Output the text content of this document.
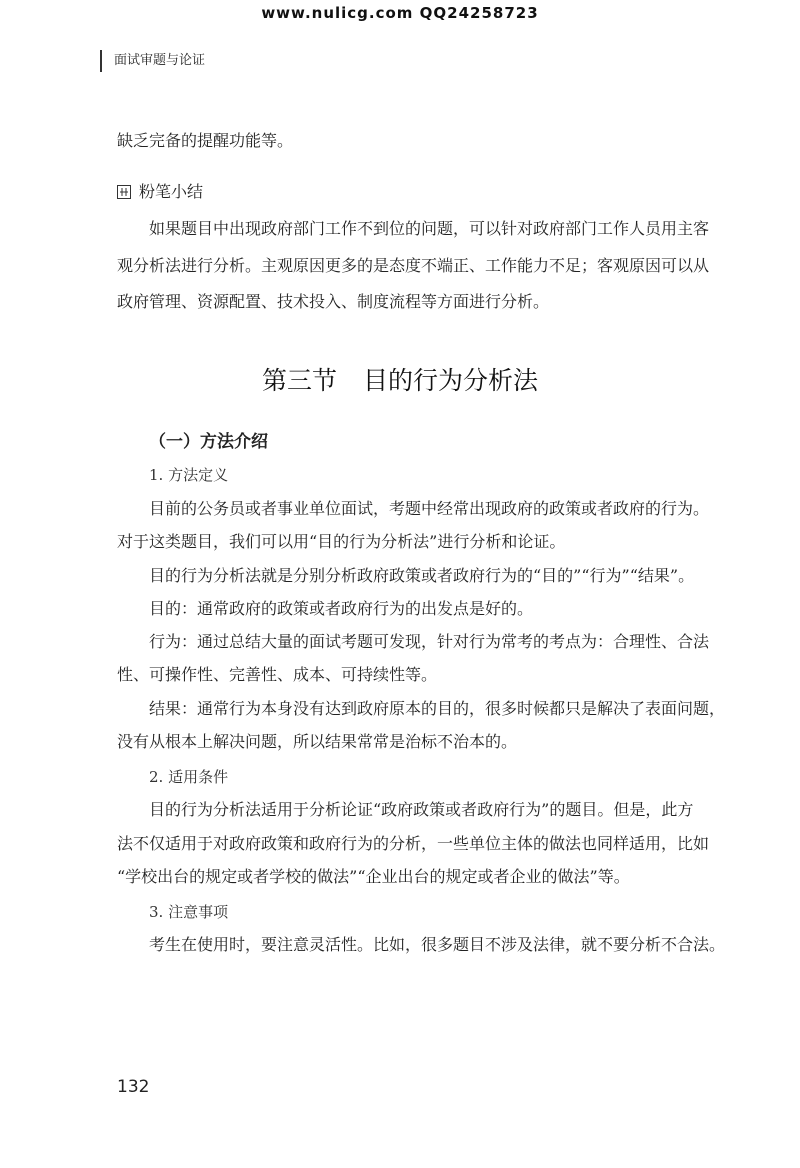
www.nulicg.com QQ24258723
面试审题与论证
缺乏完备的提醒功能等。
粉笔小结
如果题目中出现政府部门工作不到位的问题，可以针对政府部门工作人员用主客
观分析法进行分析。主观原因更多的是态度不端正、工作能力不足；客观原因可以从
政府管理、资源配置、技术投入、制度流程等方面进行分析。
第三节 目的行为分析法
（一）方法介绍
1. 方法定义
目前的公务员或者事业单位面试，考题中经常出现政府的政策或者政府的行为。
对于这类题目，我们可以用“目的行为分析法”进行分析和论证。
目的行为分析法就是分别分析政府政策或者政府行为的“目的”“行为”“结果”。
目的：通常政府的政策或者政府行为的出发点是好的。
行为：通过总结大量的面试考题可发现，针对行为常考的考点为：合理性、合法
性、可操作性、完善性、成本、可持续性等。
结果：通常行为本身没有达到政府原本的目的，很多时候都只是解决了表面问题，
没有从根本上解决问题，所以结果常常是治标不治本的。
2. 适用条件
目的行为分析法适用于分析论证“政府政策或者政府行为”的题目。但是，此方
法不仅适用于对政府政策和政府行为的分析，一些单位主体的做法也同样适用，比如
“学校出台的规定或者学校的做法”“企业出台的规定或者企业的做法”等。
3. 注意事项
考生在使用时，要注意灵活性。比如，很多题目不涉及法律，就不要分析不合法。
132
